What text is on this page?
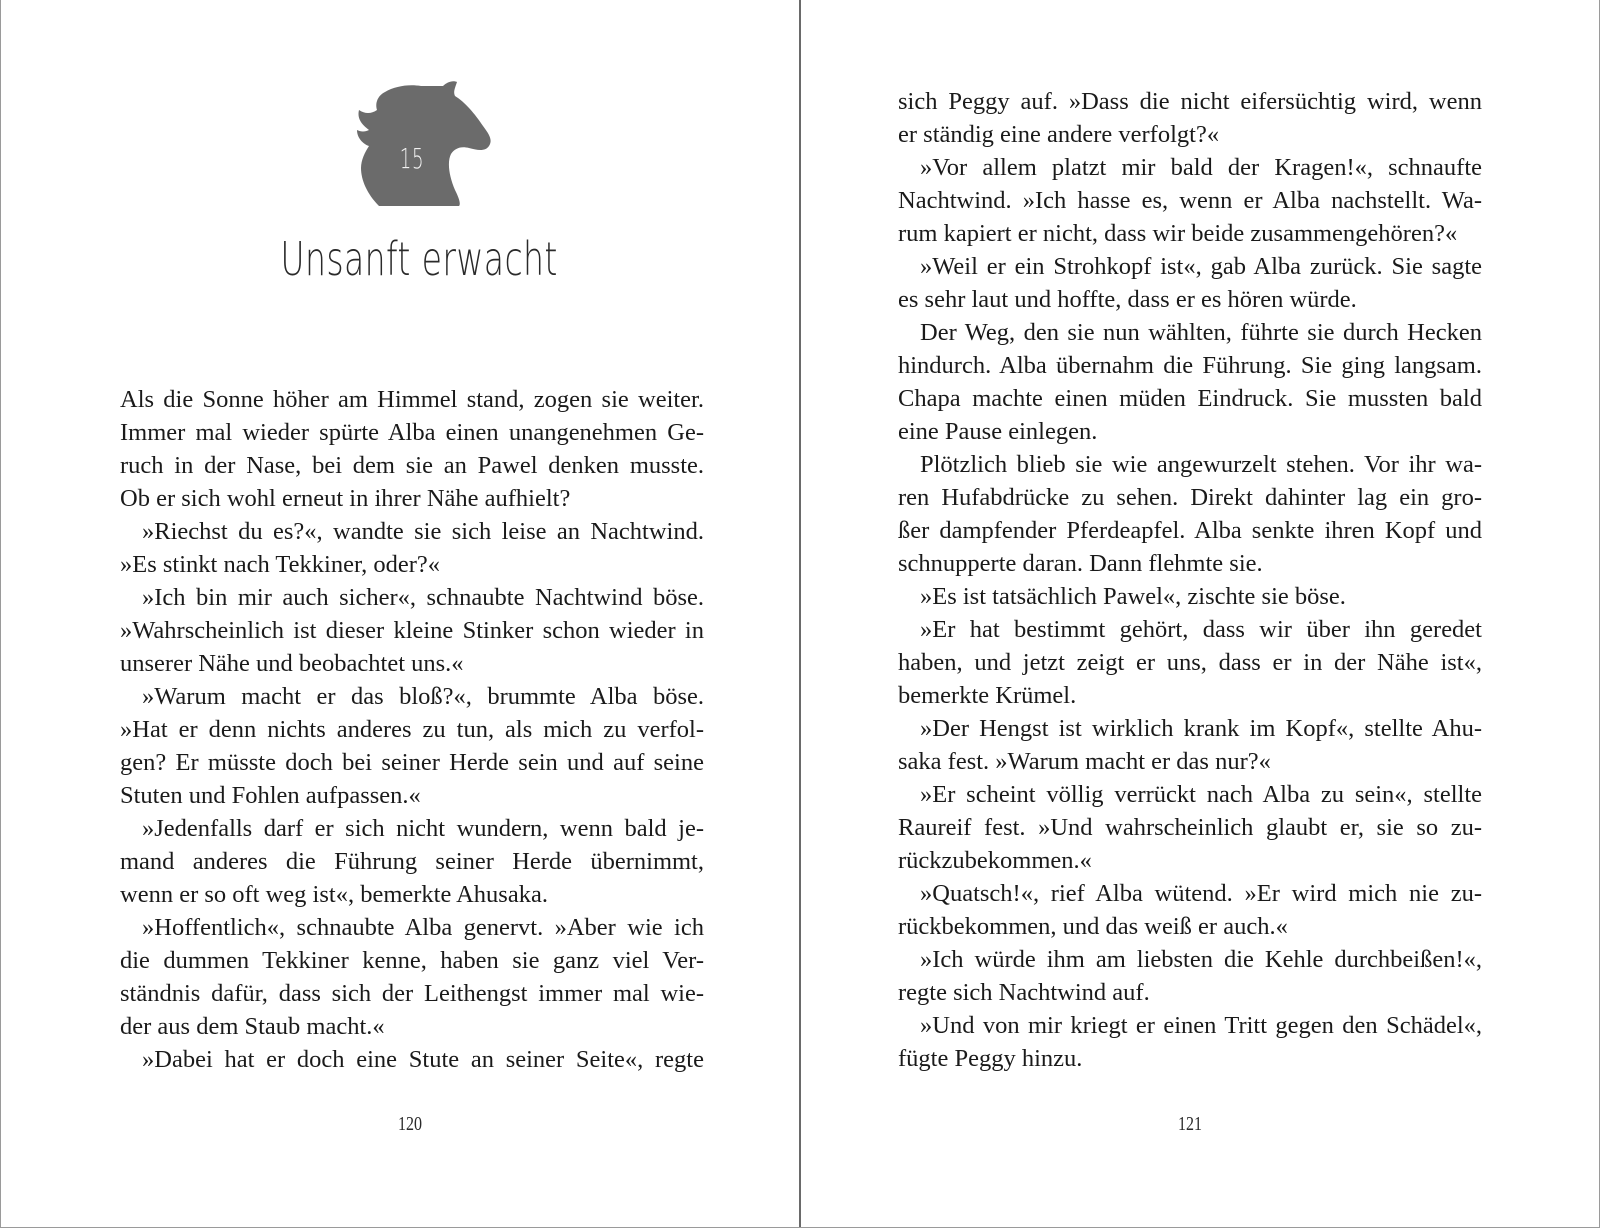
15
Unsanft erwacht
Als die Sonne höher am Himmel stand, zogen sie weiter.
Immer mal wieder spürte Alba einen unangenehmen Ge-
ruch in der Nase, bei dem sie an Pawel denken musste.
Ob er sich wohl erneut in ihrer Nähe aufhielt?
»Riechst du es?«, wandte sie sich leise an Nachtwind.
»Es stinkt nach Tekkiner, oder?«
»Ich bin mir auch sicher«, schnaubte Nachtwind böse.
»Wahrscheinlich ist dieser kleine Stinker schon wieder in
unserer Nähe und beobachtet uns.«
»Warum macht er das bloß?«, brummte Alba böse.
»Hat er denn nichts anderes zu tun, als mich zu verfol-
gen? Er müsste doch bei seiner Herde sein und auf seine
Stuten und Fohlen aufpassen.«
»Jedenfalls darf er sich nicht wundern, wenn bald je-
mand anderes die Führung seiner Herde übernimmt,
wenn er so oft weg ist«, bemerkte Ahusaka.
»Hoffentlich«, schnaubte Alba genervt. »Aber wie ich
die dummen Tekkiner kenne, haben sie ganz viel Ver-
ständnis dafür, dass sich der Leithengst immer mal wie-
der aus dem Staub macht.«
»Dabei hat er doch eine Stute an seiner Seite«, regte
120
sich Peggy auf. »Dass die nicht eifersüchtig wird, wenn
er ständig eine andere verfolgt?«
»Vor allem platzt mir bald der Kragen!«, schnaufte
Nachtwind. »Ich hasse es, wenn er Alba nachstellt. Wa-
rum kapiert er nicht, dass wir beide zusammengehören?«
»Weil er ein Strohkopf ist«, gab Alba zurück. Sie sagte
es sehr laut und hoffte, dass er es hören würde.
Der Weg, den sie nun wählten, führte sie durch Hecken
hindurch. Alba übernahm die Führung. Sie ging langsam.
Chapa machte einen müden Eindruck. Sie mussten bald
eine Pause einlegen.
Plötzlich blieb sie wie angewurzelt stehen. Vor ihr wa-
ren Hufabdrücke zu sehen. Direkt dahinter lag ein gro-
ßer dampfender Pferdeapfel. Alba senkte ihren Kopf und
schnupperte daran. Dann flehmte sie.
»Es ist tatsächlich Pawel«, zischte sie böse.
»Er hat bestimmt gehört, dass wir über ihn geredet
haben, und jetzt zeigt er uns, dass er in der Nähe ist«,
bemerkte Krümel.
»Der Hengst ist wirklich krank im Kopf«, stellte Ahu-
saka fest. »Warum macht er das nur?«
»Er scheint völlig verrückt nach Alba zu sein«, stellte
Raureif fest. »Und wahrscheinlich glaubt er, sie so zu-
rückzubekommen.«
»Quatsch!«, rief Alba wütend. »Er wird mich nie zu-
rückbekommen, und das weiß er auch.«
»Ich würde ihm am liebsten die Kehle durchbeißen!«,
regte sich Nachtwind auf.
»Und von mir kriegt er einen Tritt gegen den Schädel«,
fügte Peggy hinzu.
121
